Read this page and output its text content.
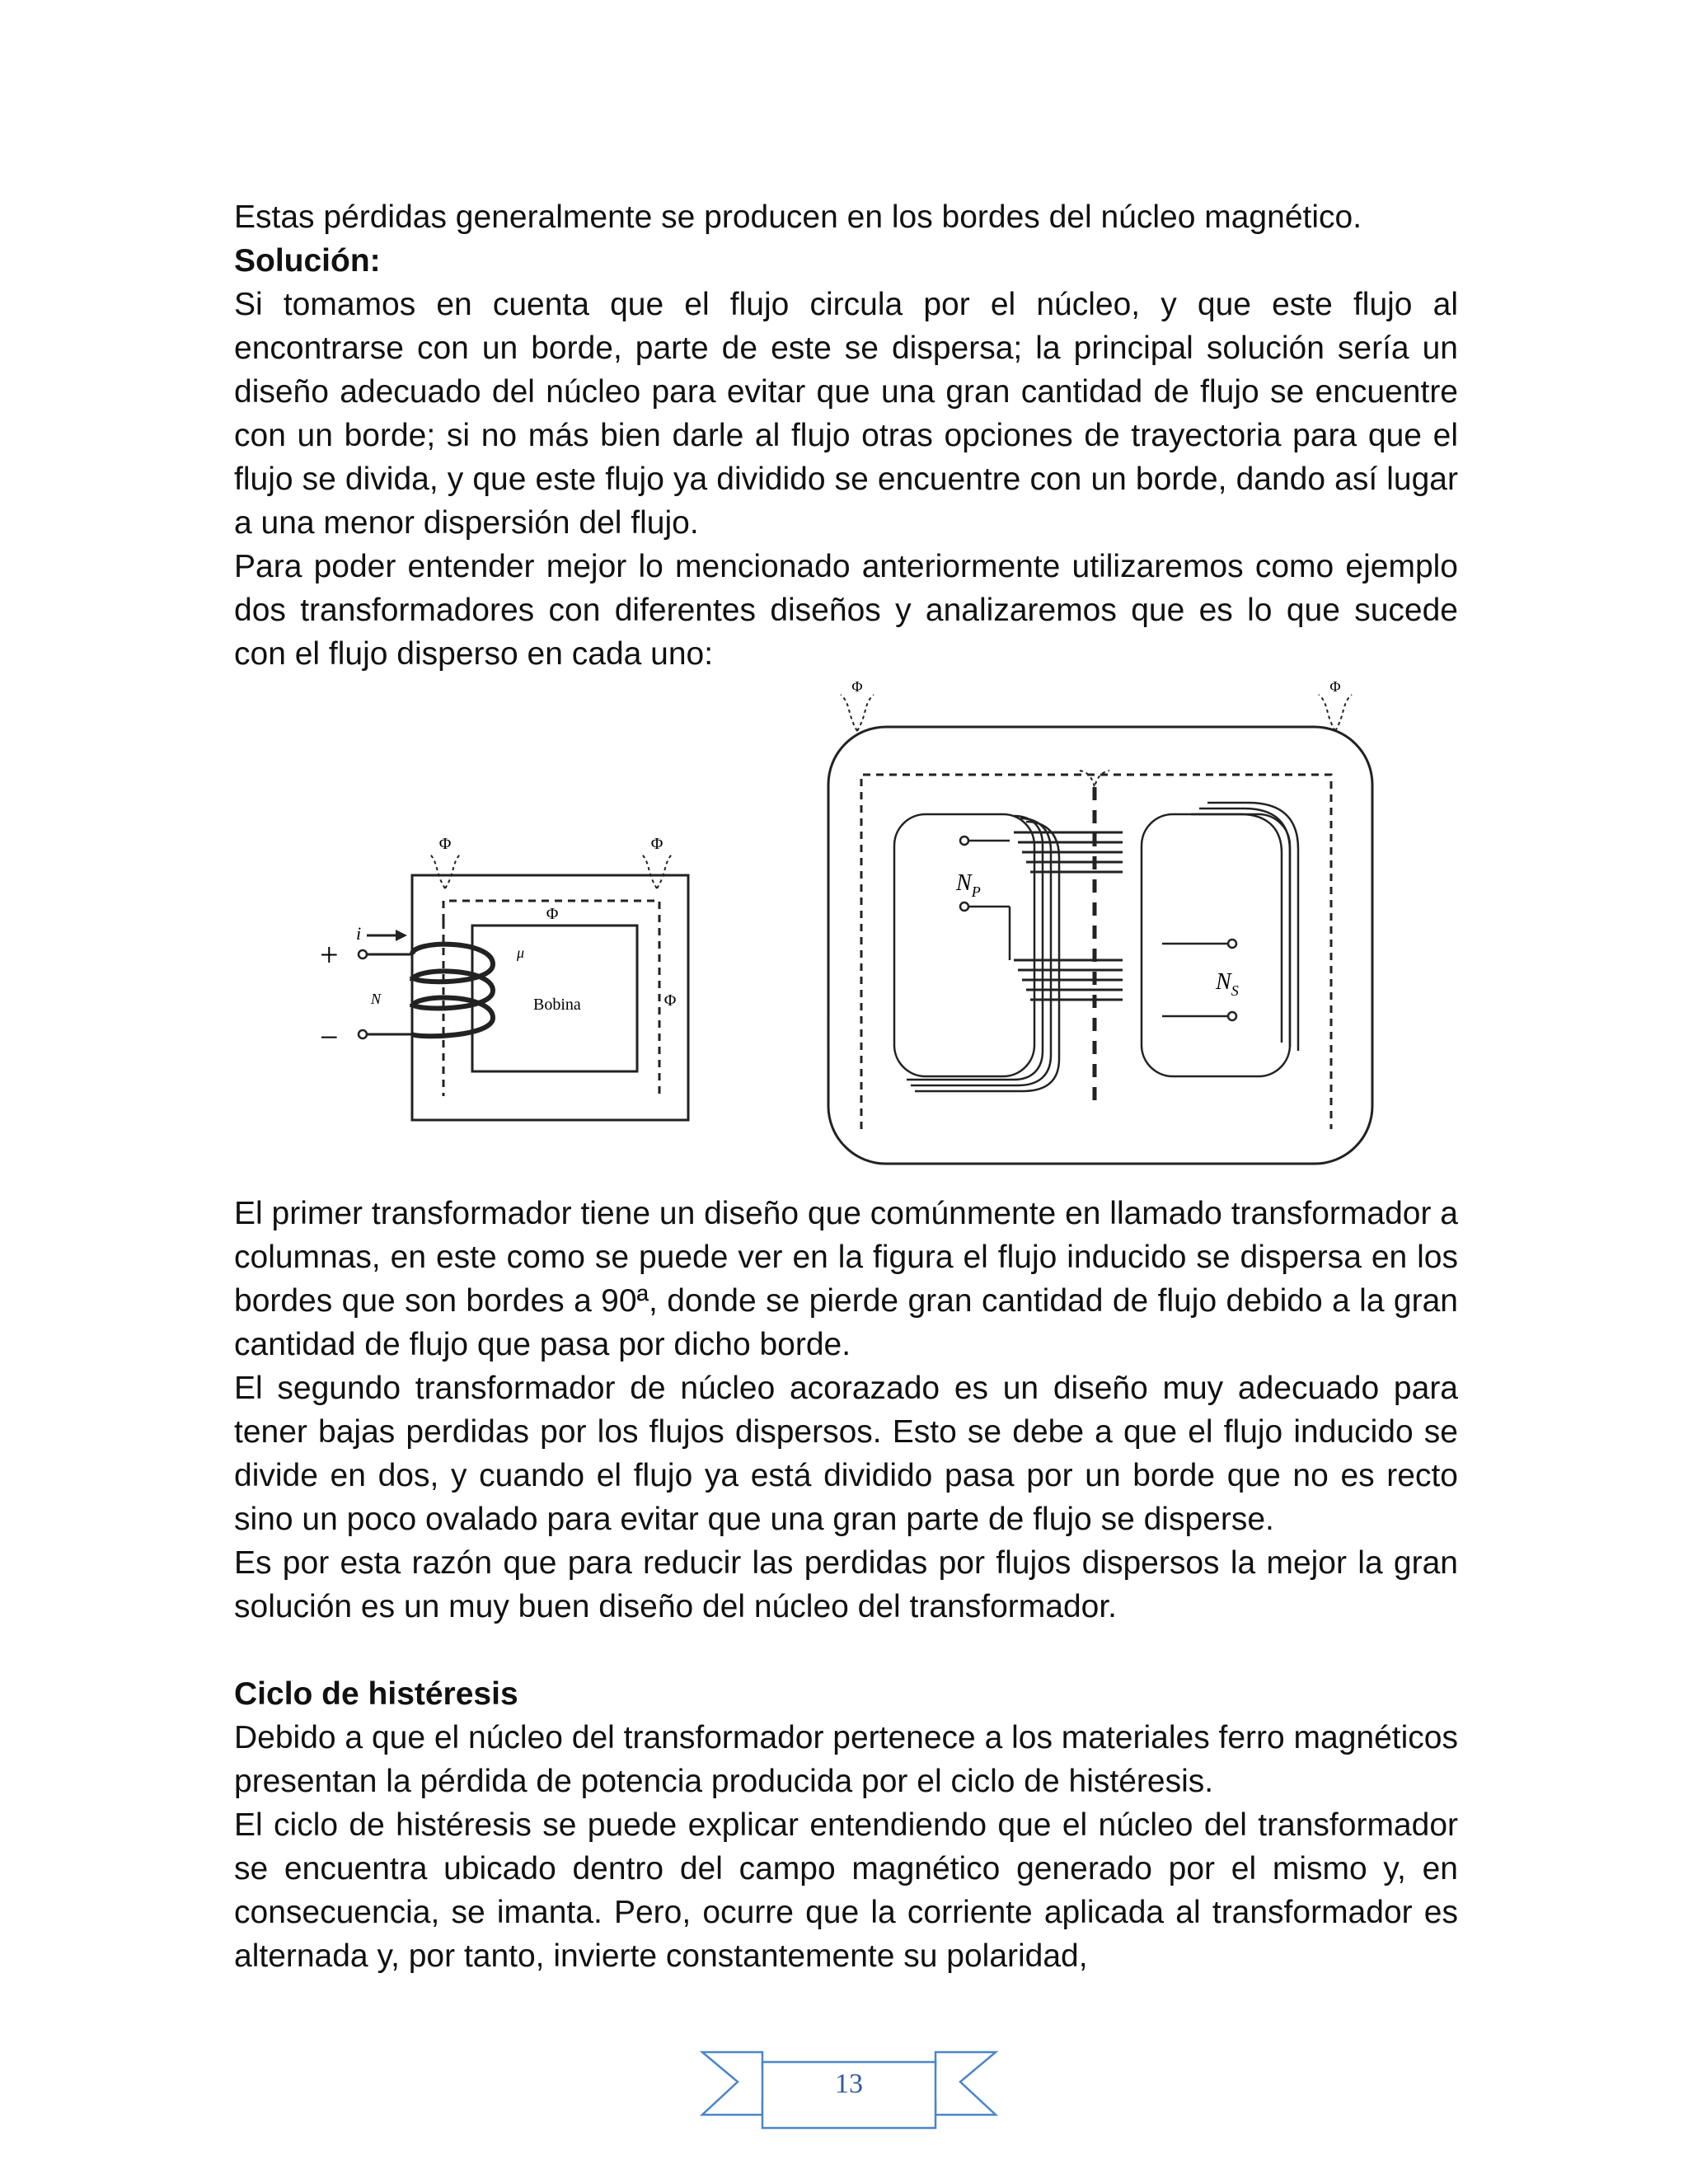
Estas pérdidas generalmente se producen en los bordes del núcleo magnético.

Solución:

Si tomamos en cuenta que el flujo circula por el núcleo, y que este flujo al encontrarse con un borde, parte de este se dispersa; la principal solución sería un diseño adecuado del núcleo para evitar que una gran cantidad de flujo se encuentre con un borde; si no más bien darle al flujo otras opciones de trayectoria para que el flujo se divida, y que este flujo ya dividido se encuentre con un borde, dando así lugar a una menor dispersión del flujo.

Para poder entender mejor lo mencionado anteriormente utilizaremos como ejemplo dos transformadores con diferentes diseños y analizaremos que es lo que sucede con el flujo disperso en cada uno:

Φ	Φ
Φ
Φ
μ
Bobina
i
+
−
N
Φ	Φ
$N_P$
$N_S$

El primer transformador tiene un diseño que comúnmente en llamado transformador a columnas, en este como se puede ver en la figura el flujo inducido se dispersa en los bordes que son bordes a 90ª, donde se pierde gran cantidad de flujo debido a la gran cantidad de flujo que pasa por dicho borde.

El segundo transformador de núcleo acorazado es un diseño muy adecuado para tener bajas perdidas por los flujos dispersos. Esto se debe a que el flujo inducido se divide en dos, y cuando el flujo ya está dividido pasa por un borde que no es recto sino un poco ovalado para evitar que una gran parte de flujo se disperse.

Es por esta razón que para reducir las perdidas por flujos dispersos la mejor la gran solución es un muy buen diseño del núcleo del transformador.

Ciclo de histéresis

Debido a que el núcleo del transformador pertenece a los materiales ferro magnéticos presentan la pérdida de potencia producida por el ciclo de histéresis.

El ciclo de histéresis se puede explicar entendiendo que el núcleo del transformador se encuentra ubicado dentro del campo magnético generado por el mismo y, en consecuencia, se imanta. Pero, ocurre que la corriente aplicada al transformador es alternada y, por tanto, invierte constantemente su polaridad,

13
